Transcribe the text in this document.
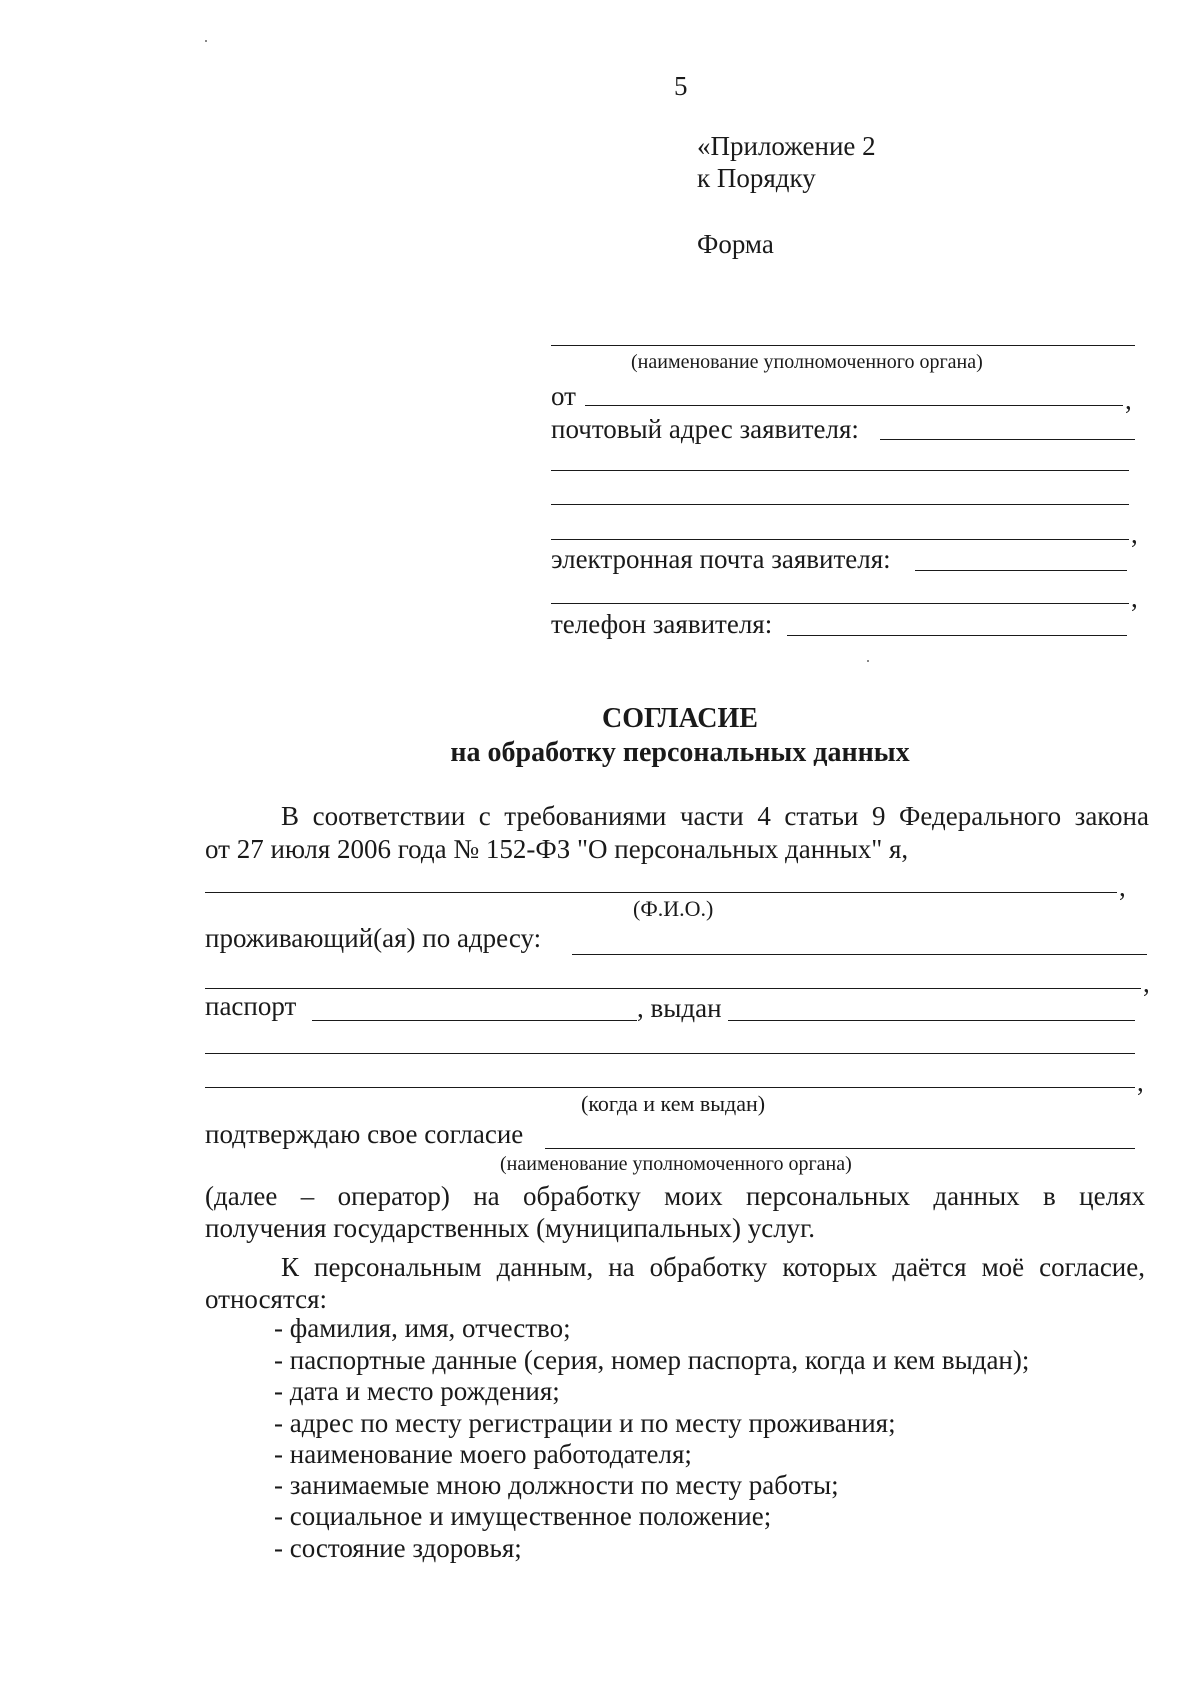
5
«Приложение 2
к Порядку
Форма
(наименование уполномоченного органа)
от	,
почтовый адрес заявителя:
,
электронная почта заявителя:
,
телефон заявителя:
СОГЛАСИЕ
на обработку персональных данных
В соответствии с требованиями части 4 статьи 9 Федерального закона
от 27 июля 2006 года № 152-ФЗ "О персональных данных" я,
,
(Ф.И.О.)
проживающий(ая) по адресу:
,
паспорт	, выдан
,
(когда и кем выдан)
подтверждаю свое согласие
(наименование уполномоченного органа)
(далее – оператор) на обработку моих персональных данных в целях
получения государственных (муниципальных) услуг.
К персональным данным, на обработку которых даётся моё согласие,
относятся:
- фамилия, имя, отчество;
- паспортные данные (серия, номер паспорта, когда и кем выдан);
- дата и место рождения;
- адрес по месту регистрации и по месту проживания;
- наименование моего работодателя;
- занимаемые мною должности по месту работы;
- социальное и имущественное положение;
- состояние здоровья;
